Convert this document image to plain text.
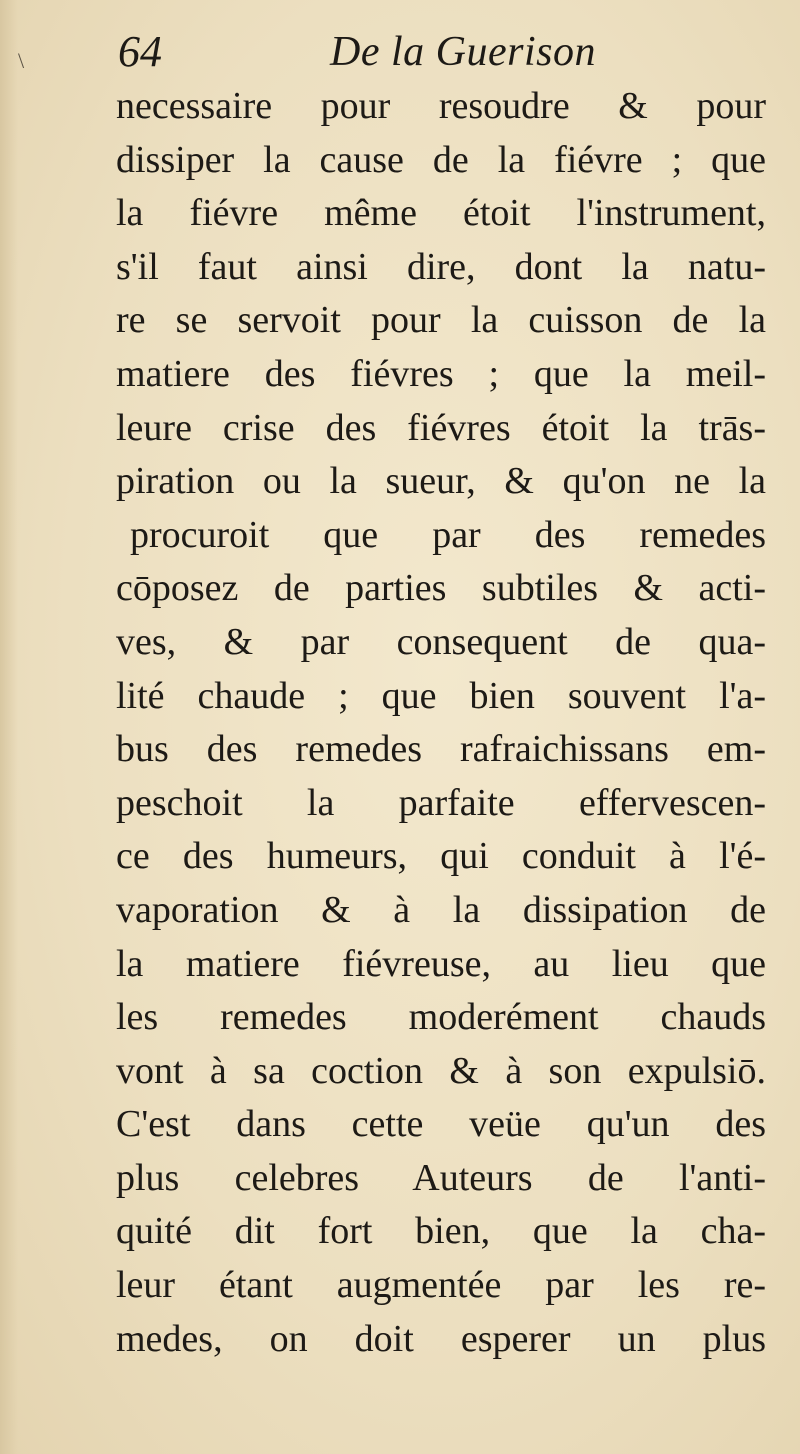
\ 64	De la Guerison
necessaire pour resoudre & pour
dissiper la cause de la fiévre ; que
la fiévre même étoit l'instrument,
s'il faut ainsi dire, dont la natu-
re se servoit pour la cuisson de la
matiere des fiévres ; que la meil-
leure crise des fiévres étoit la trās-
piration ou la sueur, & qu'on ne la
procuroit que par des remedes
cōposez de parties subtiles & acti-
ves, & par consequent de qua-
lité chaude ; que bien souvent l'a-
bus des remedes rafraichissans em-
peschoit la parfaite effervescen-
ce des humeurs, qui conduit à l'é-
vaporation & à la dissipation de
la matiere fiévreuse, au lieu que
les remedes moderément chauds
vont à sa coction & à son expulsiō.
C'est dans cette veüe qu'un des
plus celebres Auteurs de l'anti-
quité dit fort bien, que la cha-
leur étant augmentée par les re-
medes, on doit esperer un plus
